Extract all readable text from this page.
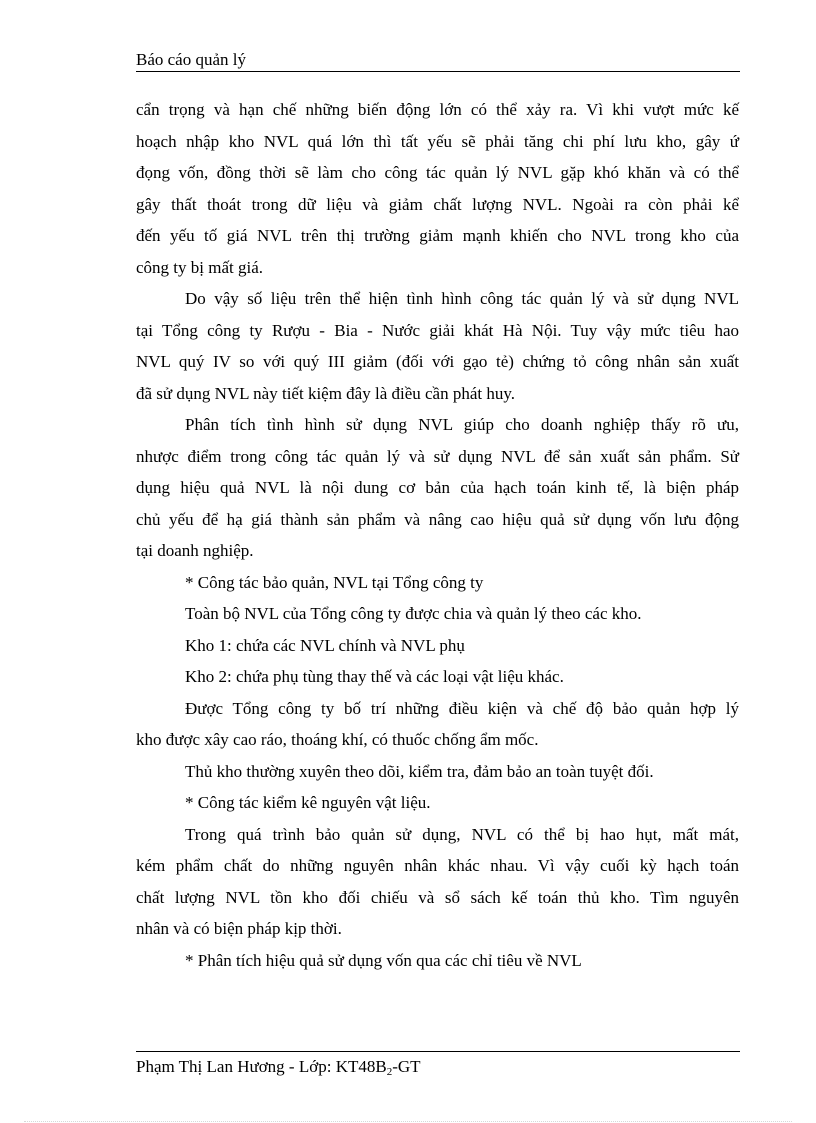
Báo cáo quản lý

cẩn trọng và hạn chế những biến động lớn có thể xảy ra. Vì khi vượt mức kế
hoạch nhập kho NVL quá lớn thì tất yếu sẽ phải tăng chi phí lưu kho, gây ứ
đọng vốn, đồng thời sẽ làm cho công tác quản lý NVL gặp khó khăn và có thể
gây thất thoát trong dữ liệu và giảm chất lượng NVL. Ngoài ra còn phải kể
đến yếu tố giá NVL trên thị trường giảm mạnh khiến cho NVL trong kho của
công ty bị mất giá.

Do vậy số liệu trên thể hiện tình hình công tác quản lý và sử dụng NVL
tại Tổng công ty Rượu - Bia - Nước giải khát Hà Nội. Tuy vậy mức tiêu hao
NVL quý IV so với quý III giảm (đối với gạo tẻ) chứng tỏ công nhân sản xuất
đã sử dụng NVL này tiết kiệm đây là điều cần phát huy.

Phân tích tình hình sử dụng NVL giúp cho doanh nghiệp thấy rõ ưu,
nhược điểm trong công tác quản lý và sử dụng NVL để sản xuất sản phẩm. Sử
dụng hiệu quả NVL là nội dung cơ bản của hạch toán kinh tế, là biện pháp
chủ yếu để hạ giá thành sản phẩm và nâng cao hiệu quả sử dụng vốn lưu động
tại doanh nghiệp.

* Công tác bảo quản, NVL tại Tổng công ty

Toàn bộ NVL của Tổng công ty được chia và quản lý theo các kho.

Kho 1: chứa các NVL chính và NVL phụ

Kho 2: chứa phụ tùng thay thế và các loại vật liệu khác.

Được Tổng công ty bố trí những điều kiện và chế độ bảo quản hợp lý
kho được xây cao ráo, thoáng khí, có thuốc chống ẩm mốc.

Thủ kho thường xuyên theo dõi, kiểm tra, đảm bảo an toàn tuyệt đối.

* Công tác kiểm kê nguyên vật liệu.

Trong quá trình bảo quản sử dụng, NVL có thể bị hao hụt, mất mát,
kém phẩm chất do những nguyên nhân khác nhau. Vì vậy cuối kỳ hạch toán
chất lượng NVL tồn kho đối chiếu và sổ sách kế toán thủ kho. Tìm nguyên
nhân và có biện pháp kịp thời.

* Phân tích hiệu quả sử dụng vốn qua các chỉ tiêu về NVL

Phạm Thị Lan Hương - Lớp: $KT48B_2-GT$
